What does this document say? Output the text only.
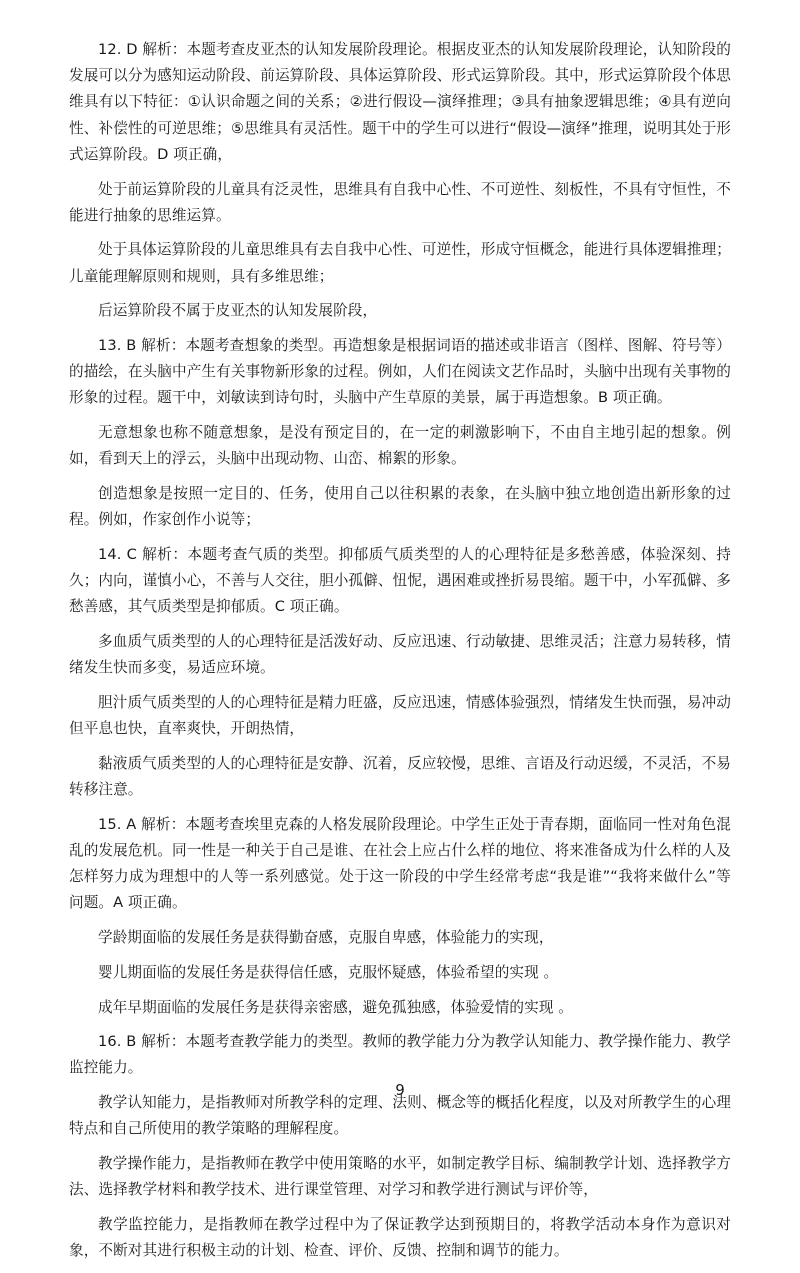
12. D 解析：本题考查皮亚杰的认知发展阶段理论。根据皮亚杰的认知发展阶段理论，认知阶段的发展可以分为感知运动阶段、前运算阶段、具体运算阶段、形式运算阶段。其中，形式运算阶段个体思维具有以下特征：①认识命题之间的关系；②进行假设—演绎推理；③具有抽象逻辑思维；④具有逆向性、补偿性的可逆思维；⑤思维具有灵活性。题干中的学生可以进行“假设—演绎”推理，说明其处于形式运算阶段。D 项正确，

处于前运算阶段的儿童具有泛灵性，思维具有自我中心性、不可逆性、刻板性，不具有守恒性，不能进行抽象的思维运算。

处于具体运算阶段的儿童思维具有去自我中心性、可逆性，形成守恒概念，能进行具体逻辑推理；儿童能理解原则和规则，具有多维思维；

后运算阶段不属于皮亚杰的认知发展阶段，

13. B 解析：本题考查想象的类型。再造想象是根据词语的描述或非语言（图样、图解、符号等）的描绘，在头脑中产生有关事物新形象的过程。例如，人们在阅读文艺作品时，头脑中出现有关事物的形象的过程。题干中，刘敏读到诗句时，头脑中产生草原的美景，属于再造想象。B 项正确。

无意想象也称不随意想象，是没有预定目的，在一定的刺激影响下，不由自主地引起的想象。例如，看到天上的浮云，头脑中出现动物、山峦、棉絮的形象。

创造想象是按照一定目的、任务，使用自己以往积累的表象，在头脑中独立地创造出新形象的过程。例如，作家创作小说等；

14. C 解析：本题考查气质的类型。抑郁质气质类型的人的心理特征是多愁善感，体验深刻、持久；内向，谨慎小心，不善与人交往，胆小孤僻、忸怩，遇困难或挫折易畏缩。题干中，小军孤僻、多愁善感，其气质类型是抑郁质。C 项正确。

多血质气质类型的人的心理特征是活泼好动、反应迅速、行动敏捷、思维灵活；注意力易转移，情绪发生快而多变，易适应环境。

胆汁质气质类型的人的心理特征是精力旺盛，反应迅速，情感体验强烈，情绪发生快而强，易冲动但平息也快，直率爽快，开朗热情，

黏液质气质类型的人的心理特征是安静、沉着，反应较慢，思维、言语及行动迟缓，不灵活，不易转移注意。

15. A 解析：本题考查埃里克森的人格发展阶段理论。中学生正处于青春期，面临同一性对角色混乱的发展危机。同一性是一种关于自己是谁、在社会上应占什么样的地位、将来准备成为什么样的人及怎样努力成为理想中的人等一系列感觉。处于这一阶段的中学生经常考虑“我是谁”“我将来做什么”等问题。A 项正确。

学龄期面临的发展任务是获得勤奋感，克服自卑感，体验能力的实现，

婴儿期面临的发展任务是获得信任感，克服怀疑感，体验希望的实现 。

成年早期面临的发展任务是获得亲密感，避免孤独感，体验爱情的实现 。

16. B 解析：本题考查教学能力的类型。教师的教学能力分为教学认知能力、教学操作能力、教学监控能力。

教学认知能力，是指教师对所教学科的定理、法则、概念等的概括化程度，以及对所教学生的心理特点和自己所使用的教学策略的理解程度。

教学操作能力，是指教师在教学中使用策略的水平，如制定教学目标、编制教学计划、选择教学方法、选择教学材料和教学技术、进行课堂管理、对学习和教学进行测试与评价等，

教学监控能力，是指教师在教学过程中为了保证教学达到预期目的，将教学活动本身作为意识对象，不断对其进行积极主动的计划、检查、评价、反馈、控制和调节的能力。

9
